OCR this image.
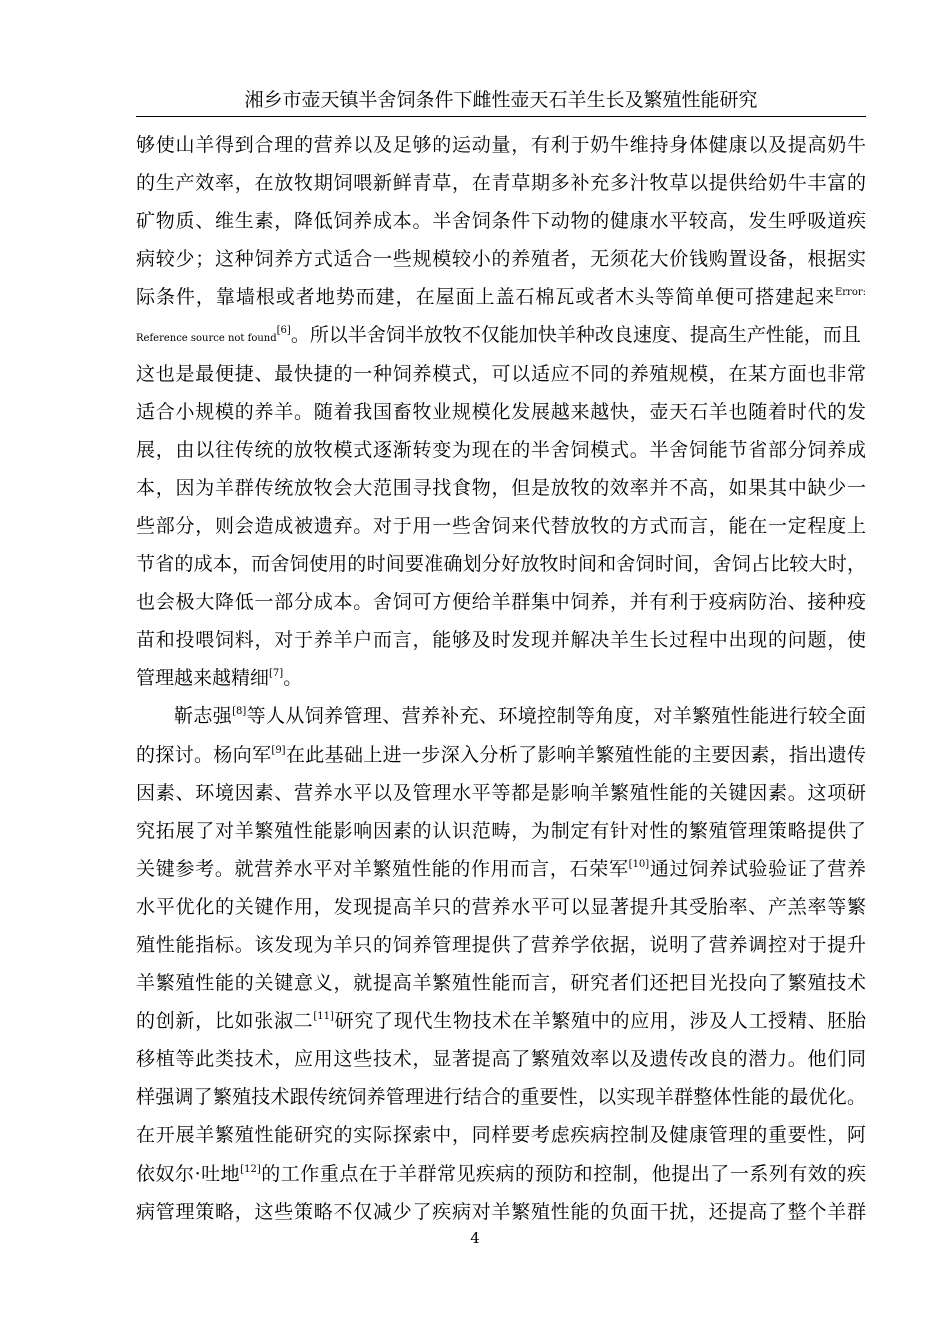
湘乡市壶天镇半舍饲条件下雌性壶天石羊生长及繁殖性能研究
够使山羊得到合理的营养以及足够的运动量，有利于奶牛维持身体健康以及提高奶牛
的生产效率，在放牧期饲喂新鲜青草，在青草期多补充多汁牧草以提供给奶牛丰富的
矿物质、维生素，降低饲养成本。半舍饲条件下动物的健康水平较高，发生呼吸道疾
病较少；这种饲养方式适合一些规模较小的养殖者，无须花大价钱购置设备，根据实
际条件，靠墙根或者地势而建，在屋面上盖石棉瓦或者木头等简单便可搭建起来$^{Error:}$
Reference source not found[6]。所以半舍饲半放牧不仅能加快羊种改良速度、提高生产性能，而且
这也是最便捷、最快捷的一种饲养模式，可以适应不同的养殖规模，在某方面也非常
适合小规模的养羊。随着我国畜牧业规模化发展越来越快，壶天石羊也随着时代的发
展，由以往传统的放牧模式逐渐转变为现在的半舍饲模式。半舍饲能节省部分饲养成
本，因为羊群传统放牧会大范围寻找食物，但是放牧的效率并不高，如果其中缺少一
些部分，则会造成被遗弃。对于用一些舍饲来代替放牧的方式而言，能在一定程度上
节省的成本，而舍饲使用的时间要准确划分好放牧时间和舍饲时间，舍饲占比较大时，
也会极大降低一部分成本。舍饲可方便给羊群集中饲养，并有利于疫病防治、接种疫
苗和投喂饲料，对于养羊户而言，能够及时发现并解决羊生长过程中出现的问题，使
管理越来越精细[7]。
靳志强[8]等人从饲养管理、营养补充、环境控制等角度，对羊繁殖性能进行较全面
的探讨。杨向军[9]在此基础上进一步深入分析了影响羊繁殖性能的主要因素，指出遗传
因素、环境因素、营养水平以及管理水平等都是影响羊繁殖性能的关键因素。这项研
究拓展了对羊繁殖性能影响因素的认识范畴，为制定有针对性的繁殖管理策略提供了
关键参考。就营养水平对羊繁殖性能的作用而言，石荣军[10]通过饲养试验验证了营养
水平优化的关键作用，发现提高羊只的营养水平可以显著提升其受胎率、产羔率等繁
殖性能指标。该发现为羊只的饲养管理提供了营养学依据，说明了营养调控对于提升
羊繁殖性能的关键意义，就提高羊繁殖性能而言，研究者们还把目光投向了繁殖技术
的创新，比如张淑二[11]研究了现代生物技术在羊繁殖中的应用，涉及人工授精、胚胎
移植等此类技术，应用这些技术，显著提高了繁殖效率以及遗传改良的潜力。他们同
样强调了繁殖技术跟传统饲养管理进行结合的重要性，以实现羊群整体性能的最优化。
在开展羊繁殖性能研究的实际探索中，同样要考虑疾病控制及健康管理的重要性，阿
依奴尔·吐地[12]的工作重点在于羊群常见疾病的预防和控制，他提出了一系列有效的疾
病管理策略，这些策略不仅减少了疾病对羊繁殖性能的负面干扰，还提高了整个羊群
4
